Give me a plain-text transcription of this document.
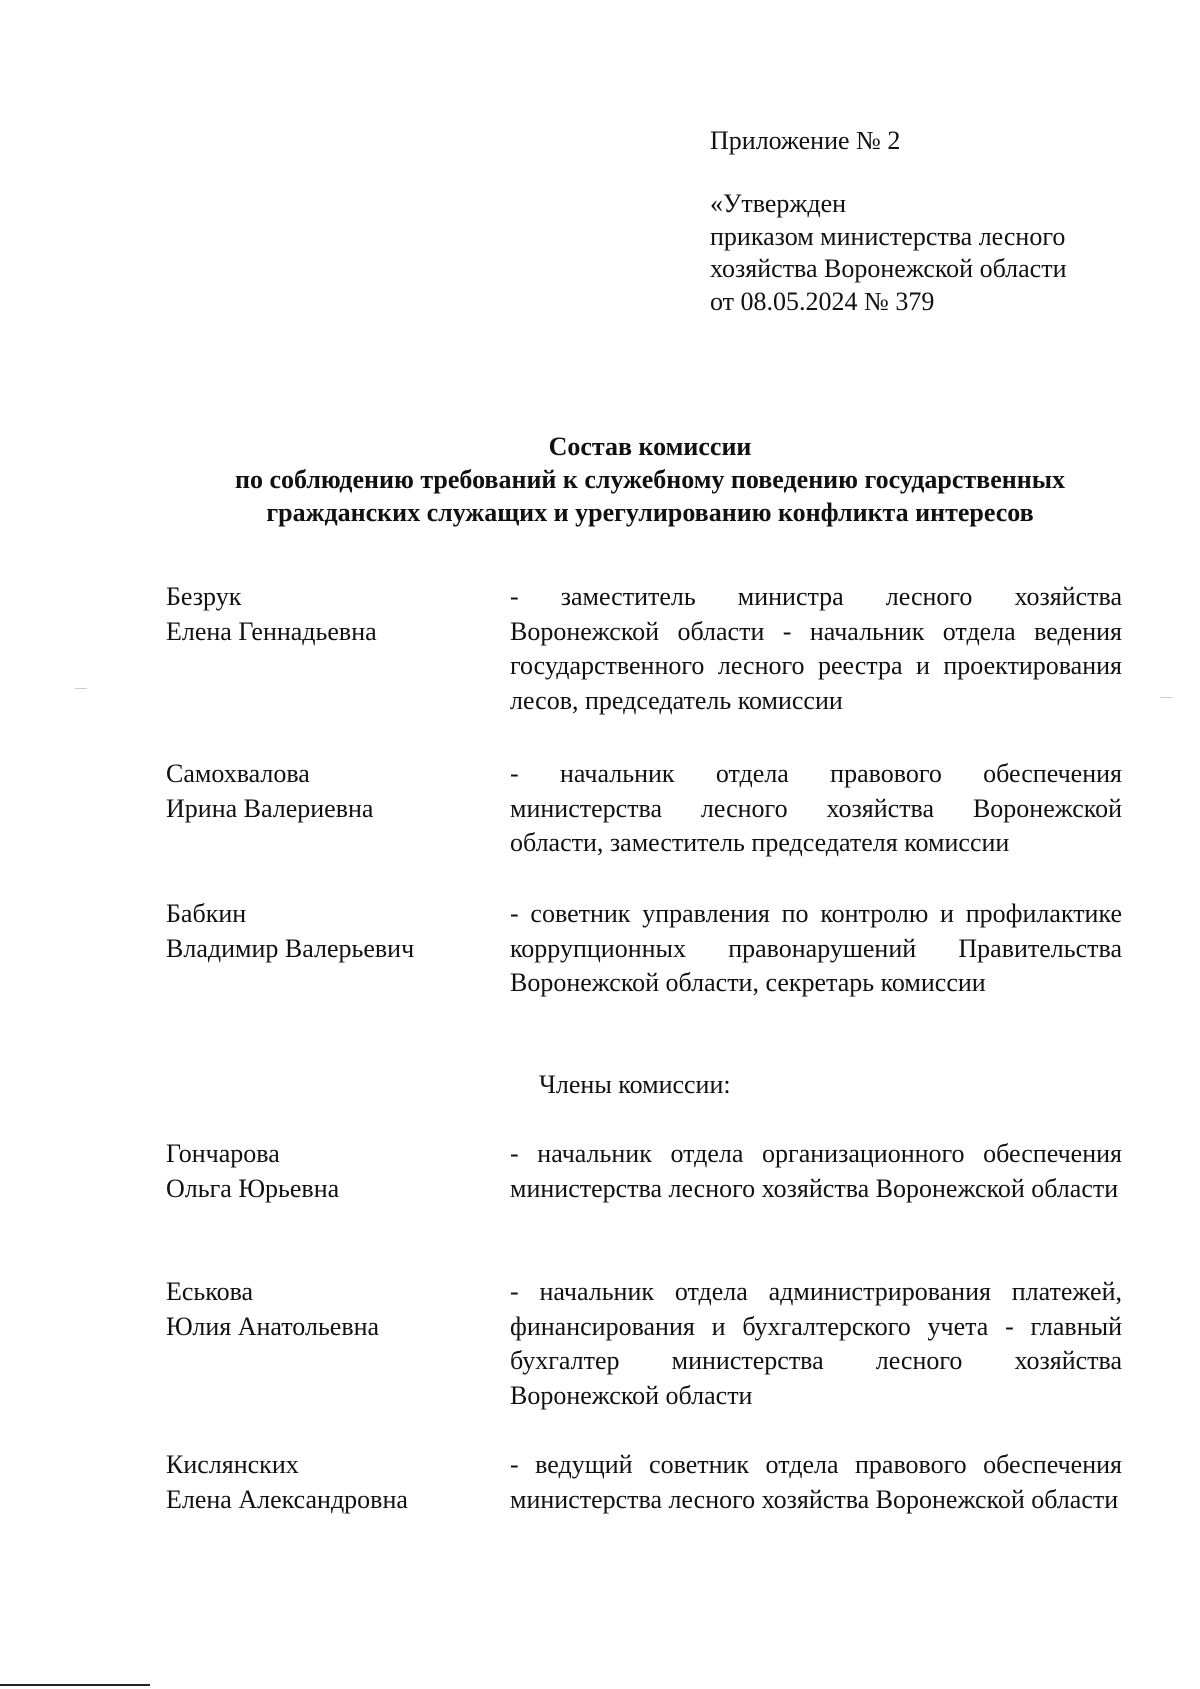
Приложение № 2
«Утвержден
приказом министерства лесного
хозяйства Воронежской области
от 08.05.2024 № 379
Состав комиссии
по соблюдению требований к служебному поведению государственных
гражданских служащих и урегулированию конфликта интересов
Безрук
Елена Геннадьевна
- заместитель министра лесного хозяйства Воронежской области - начальник отдела ведения государственного лесного реестра и проектирования лесов, председатель комиссии
Самохвалова
Ирина Валериевна
- начальник отдела правового обеспечения министерства лесного хозяйства Воронежской области, заместитель председателя комиссии
Бабкин
Владимир Валерьевич
- советник управления по контролю и профилактике коррупционных правонарушений Правительства Воронежской области, секретарь комиссии
Члены комиссии:
Гончарова
Ольга Юрьевна
- начальник отдела организационного обеспечения министерства лесного хозяйства Воронежской области
Еськова
Юлия Анатольевна
- начальник отдела администрирования платежей, финансирования и бухгалтерского учета - главный бухгалтер министерства лесного хозяйства Воронежской области
Кислянских
Елена Александровна
- ведущий советник отдела правового обеспечения министерства лесного хозяйства Воронежской области
